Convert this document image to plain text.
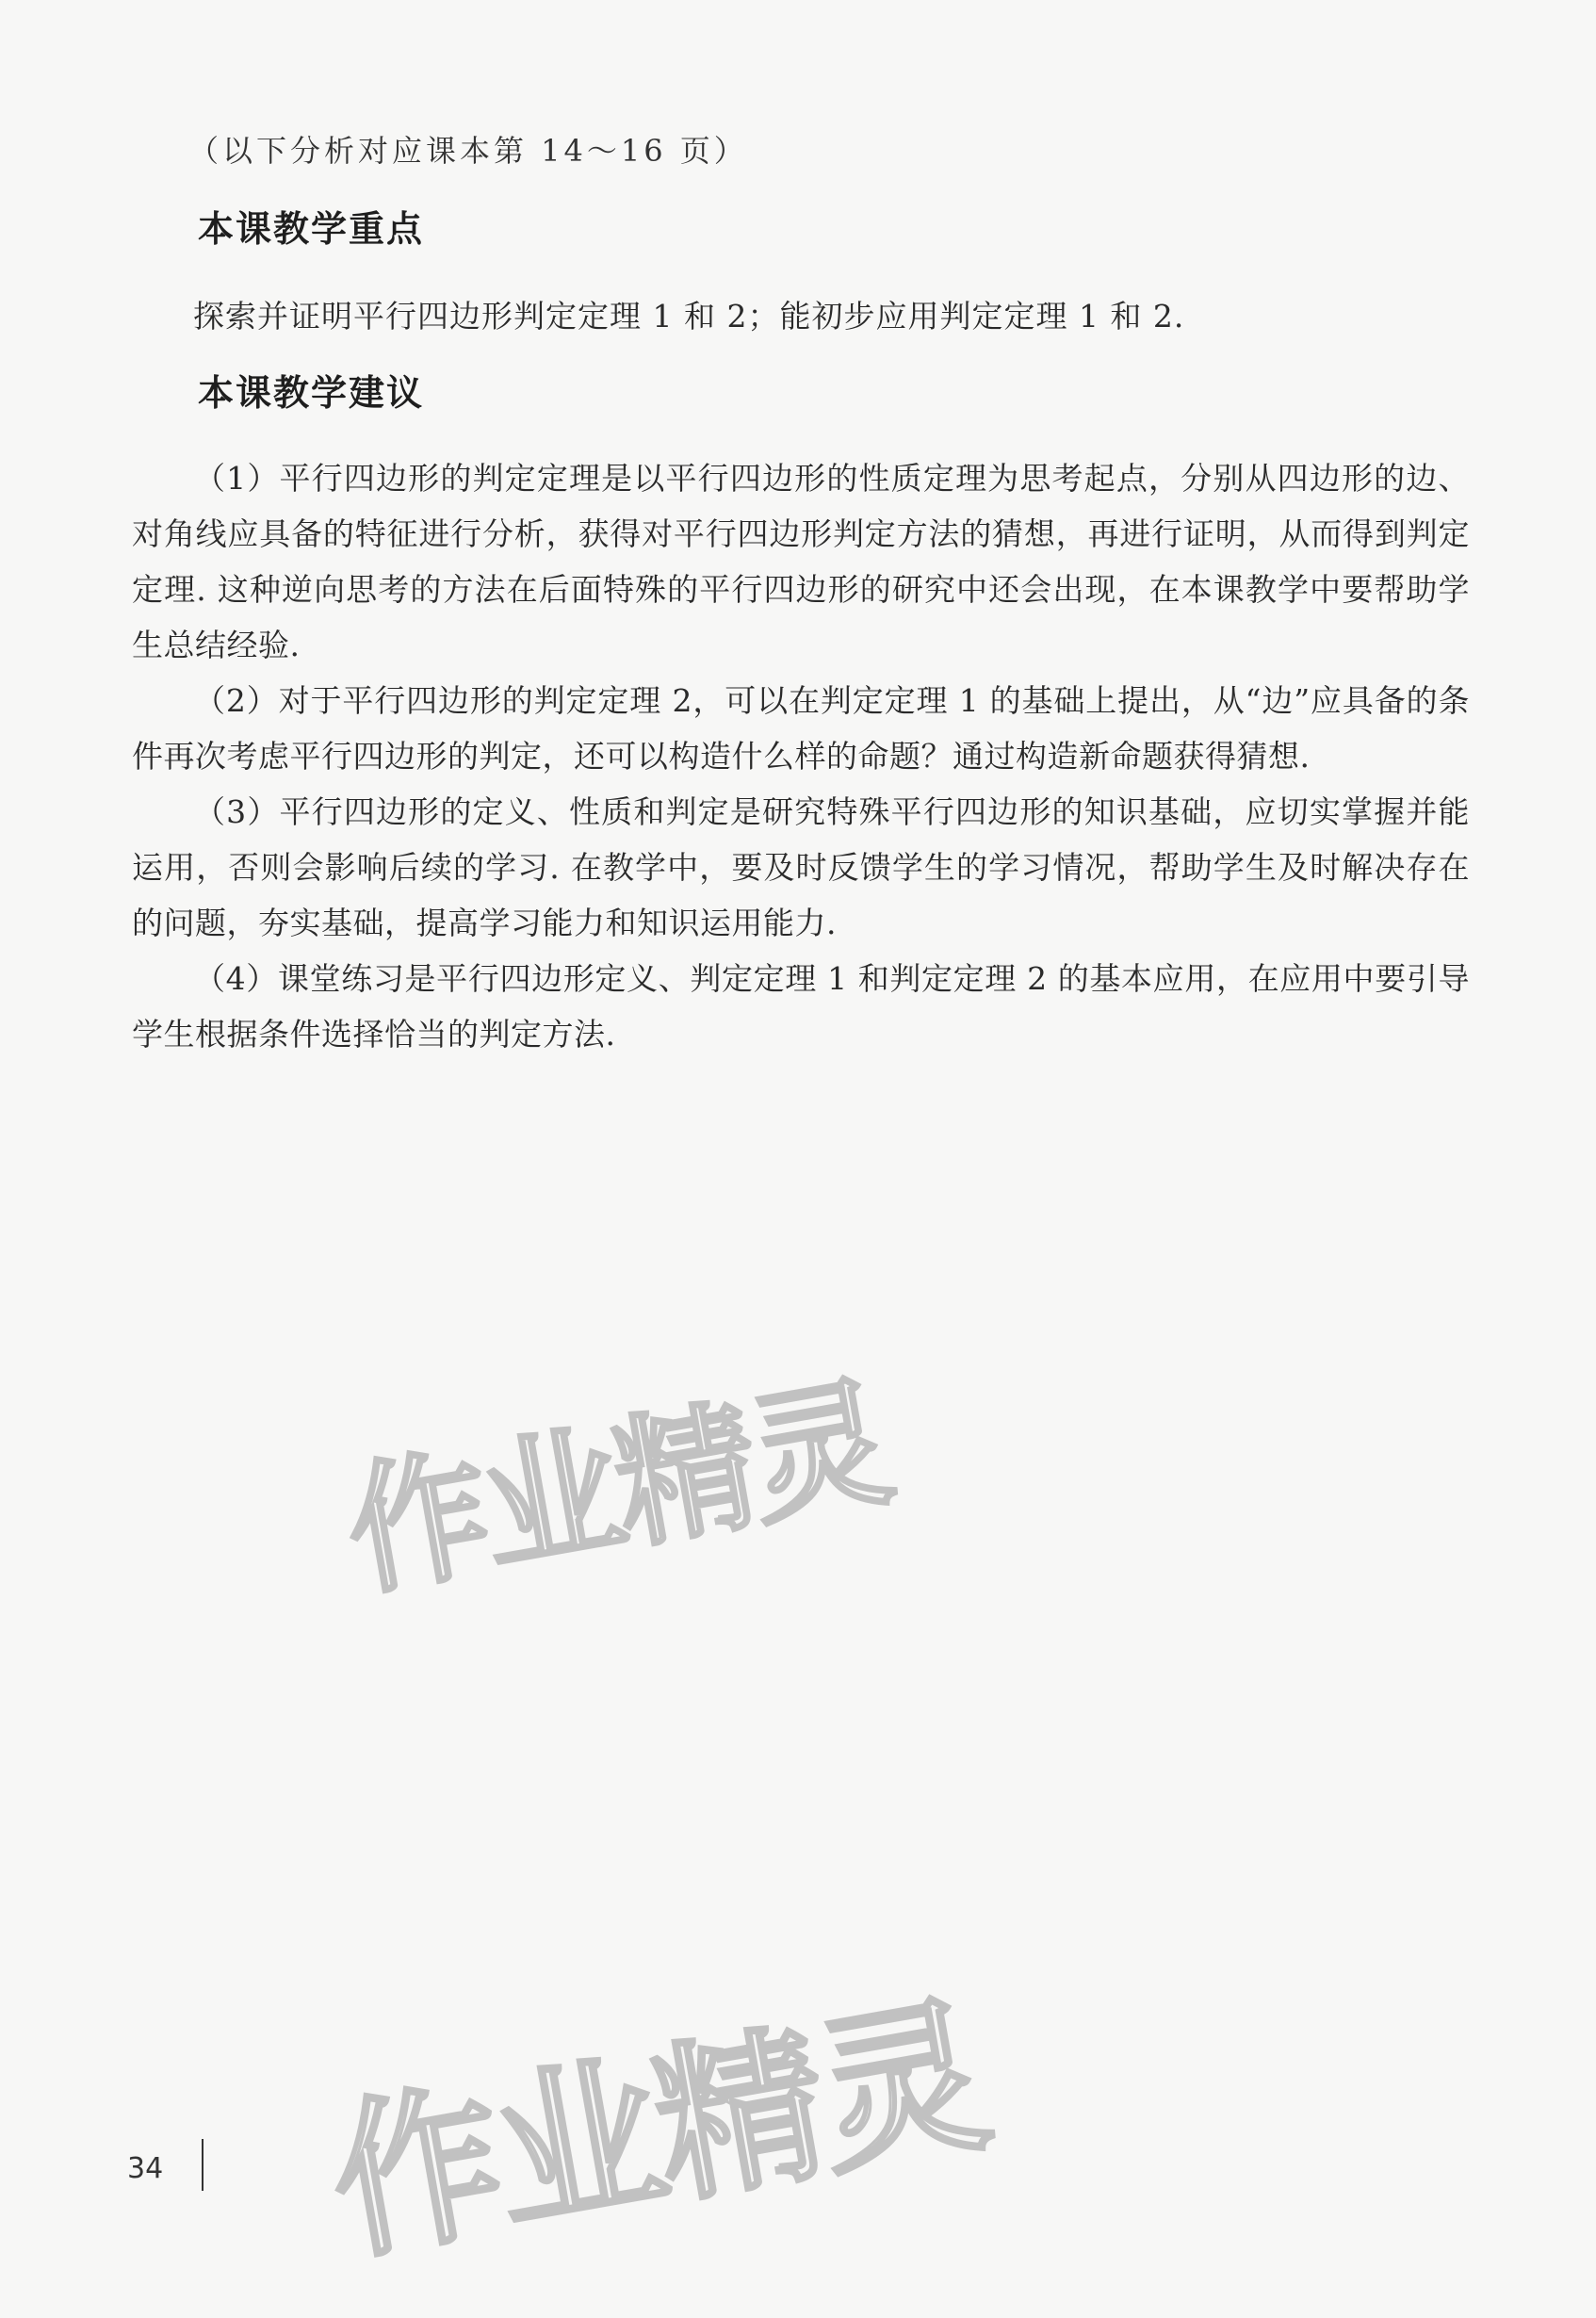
（以下分析对应课本第 14～16 页）
本课教学重点
探索并证明平行四边形判定定理 1 和 2；能初步应用判定定理 1 和 2.
本课教学建议

（1）平行四边形的判定定理是以平行四边形的性质定理为思考起点，分别从四边形的边、对角线应具备的特征进行分析，获得对平行四边形判定方法的猜想，再进行证明，从而得到判定定理. 这种逆向思考的方法在后面特殊的平行四边形的研究中还会出现，在本课教学中要帮助学生总结经验.

（2）对于平行四边形的判定定理 2，可以在判定定理 1 的基础上提出，从“边”应具备的条件再次考虑平行四边形的判定，还可以构造什么样的命题？通过构造新命题获得猜想.

（3）平行四边形的定义、性质和判定是研究特殊平行四边形的知识基础，应切实掌握并能运用，否则会影响后续的学习. 在教学中，要及时反馈学生的学习情况，帮助学生及时解决存在的问题，夯实基础，提高学习能力和知识运用能力.

（4）课堂练习是平行四边形定义、判定定理 1 和判定定理 2 的基本应用，在应用中要引导学生根据条件选择恰当的判定方法.

作业精灵
作业精灵
34
